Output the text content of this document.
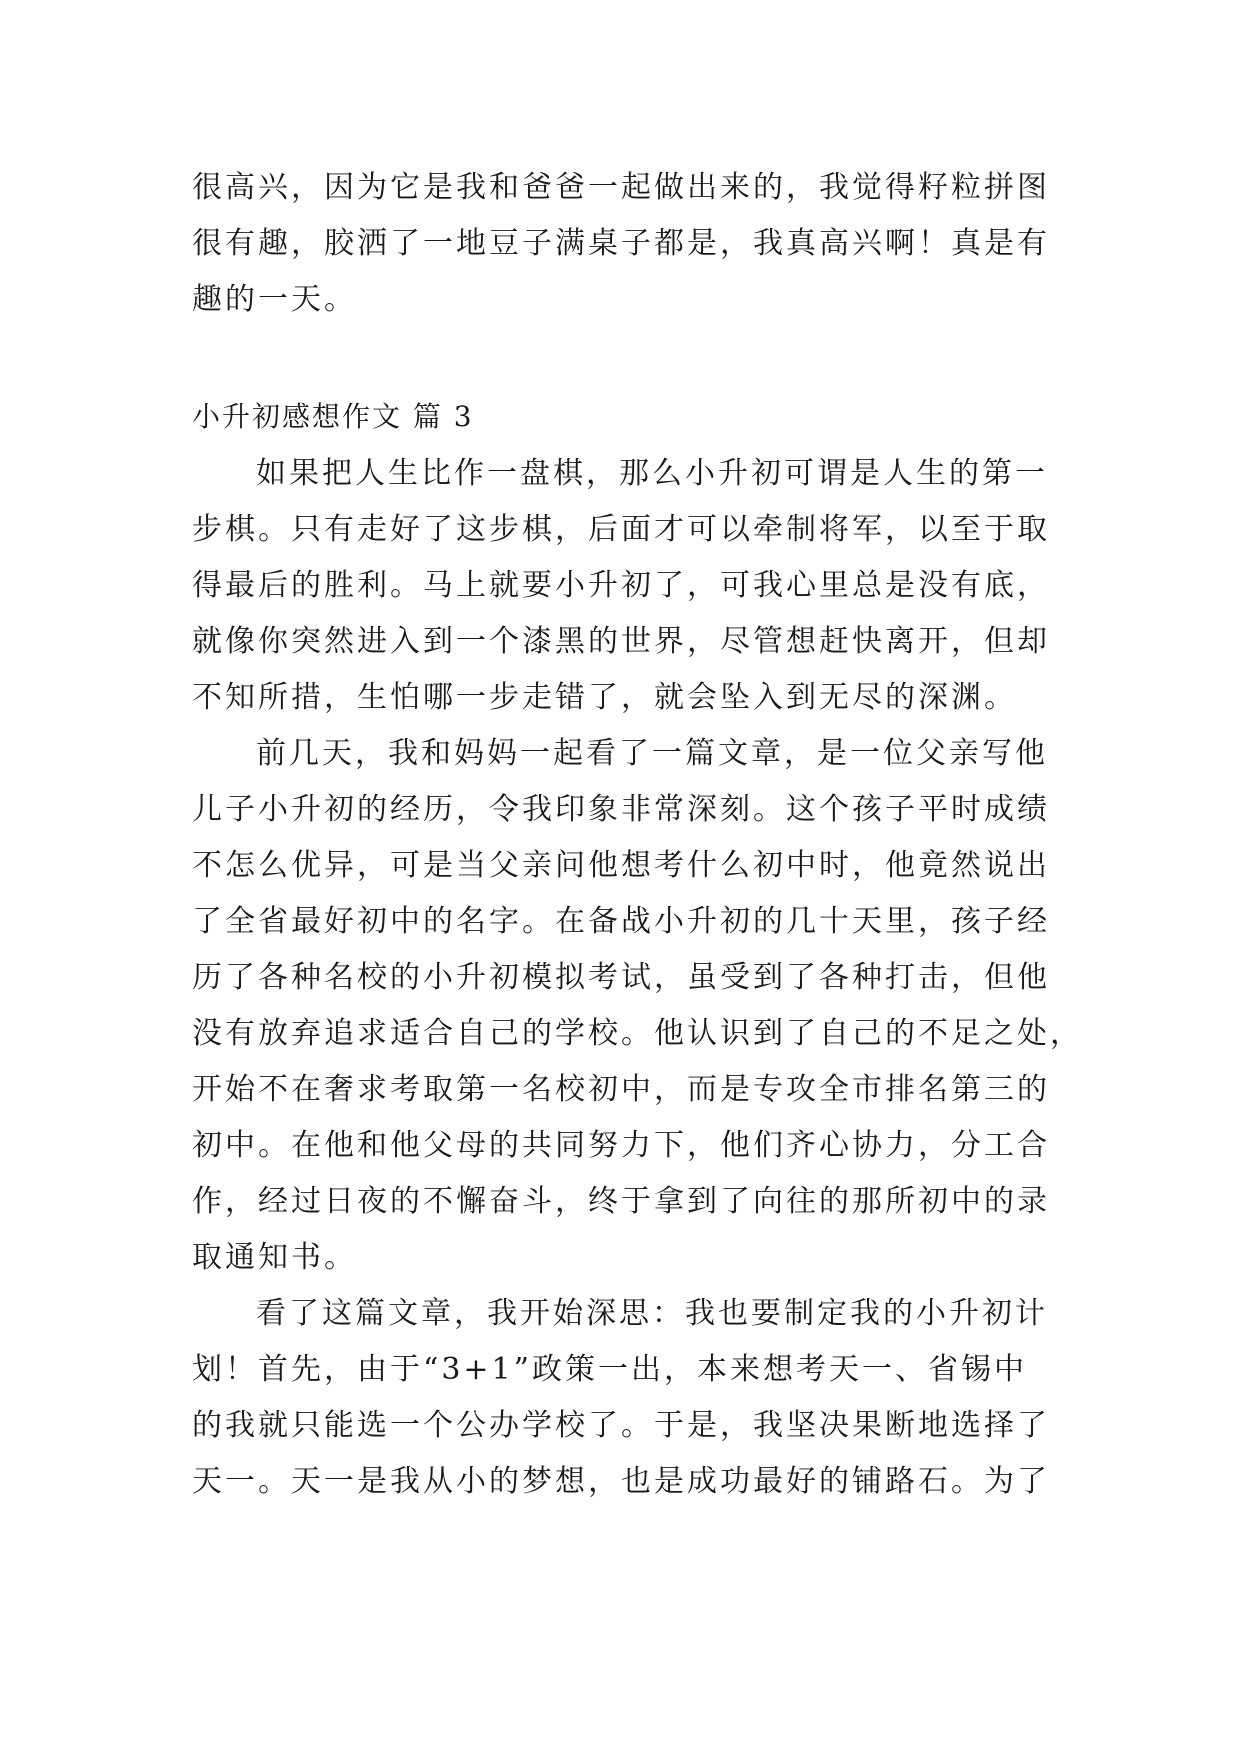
很高兴，因为它是我和爸爸一起做出来的，我觉得籽粒拼图
很有趣，胶洒了一地豆子满桌子都是，我真高兴啊！真是有
趣的一天。
小升初感想作文 篇 3
如果把人生比作一盘棋，那么小升初可谓是人生的第一
步棋。只有走好了这步棋，后面才可以牵制将军，以至于取
得最后的胜利。马上就要小升初了，可我心里总是没有底，
就像你突然进入到一个漆黑的世界，尽管想赶快离开，但却
不知所措，生怕哪一步走错了，就会坠入到无尽的深渊。
前几天，我和妈妈一起看了一篇文章，是一位父亲写他
儿子小升初的经历，令我印象非常深刻。这个孩子平时成绩
不怎么优异，可是当父亲问他想考什么初中时，他竟然说出
了全省最好初中的名字。在备战小升初的几十天里，孩子经
历了各种名校的小升初模拟考试，虽受到了各种打击，但他
没有放弃追求适合自己的学校。他认识到了自己的不足之处，
开始不在奢求考取第一名校初中，而是专攻全市排名第三的
初中。在他和他父母的共同努力下，他们齐心协力，分工合
作，经过日夜的不懈奋斗，终于拿到了向往的那所初中的录
取通知书。
看了这篇文章，我开始深思：我也要制定我的小升初计
划！首先，由于“3+1”政策一出，本来想考天一、省锡中
的我就只能选一个公办学校了。于是，我坚决果断地选择了
天一。天一是我从小的梦想，也是成功最好的铺路石。为了
